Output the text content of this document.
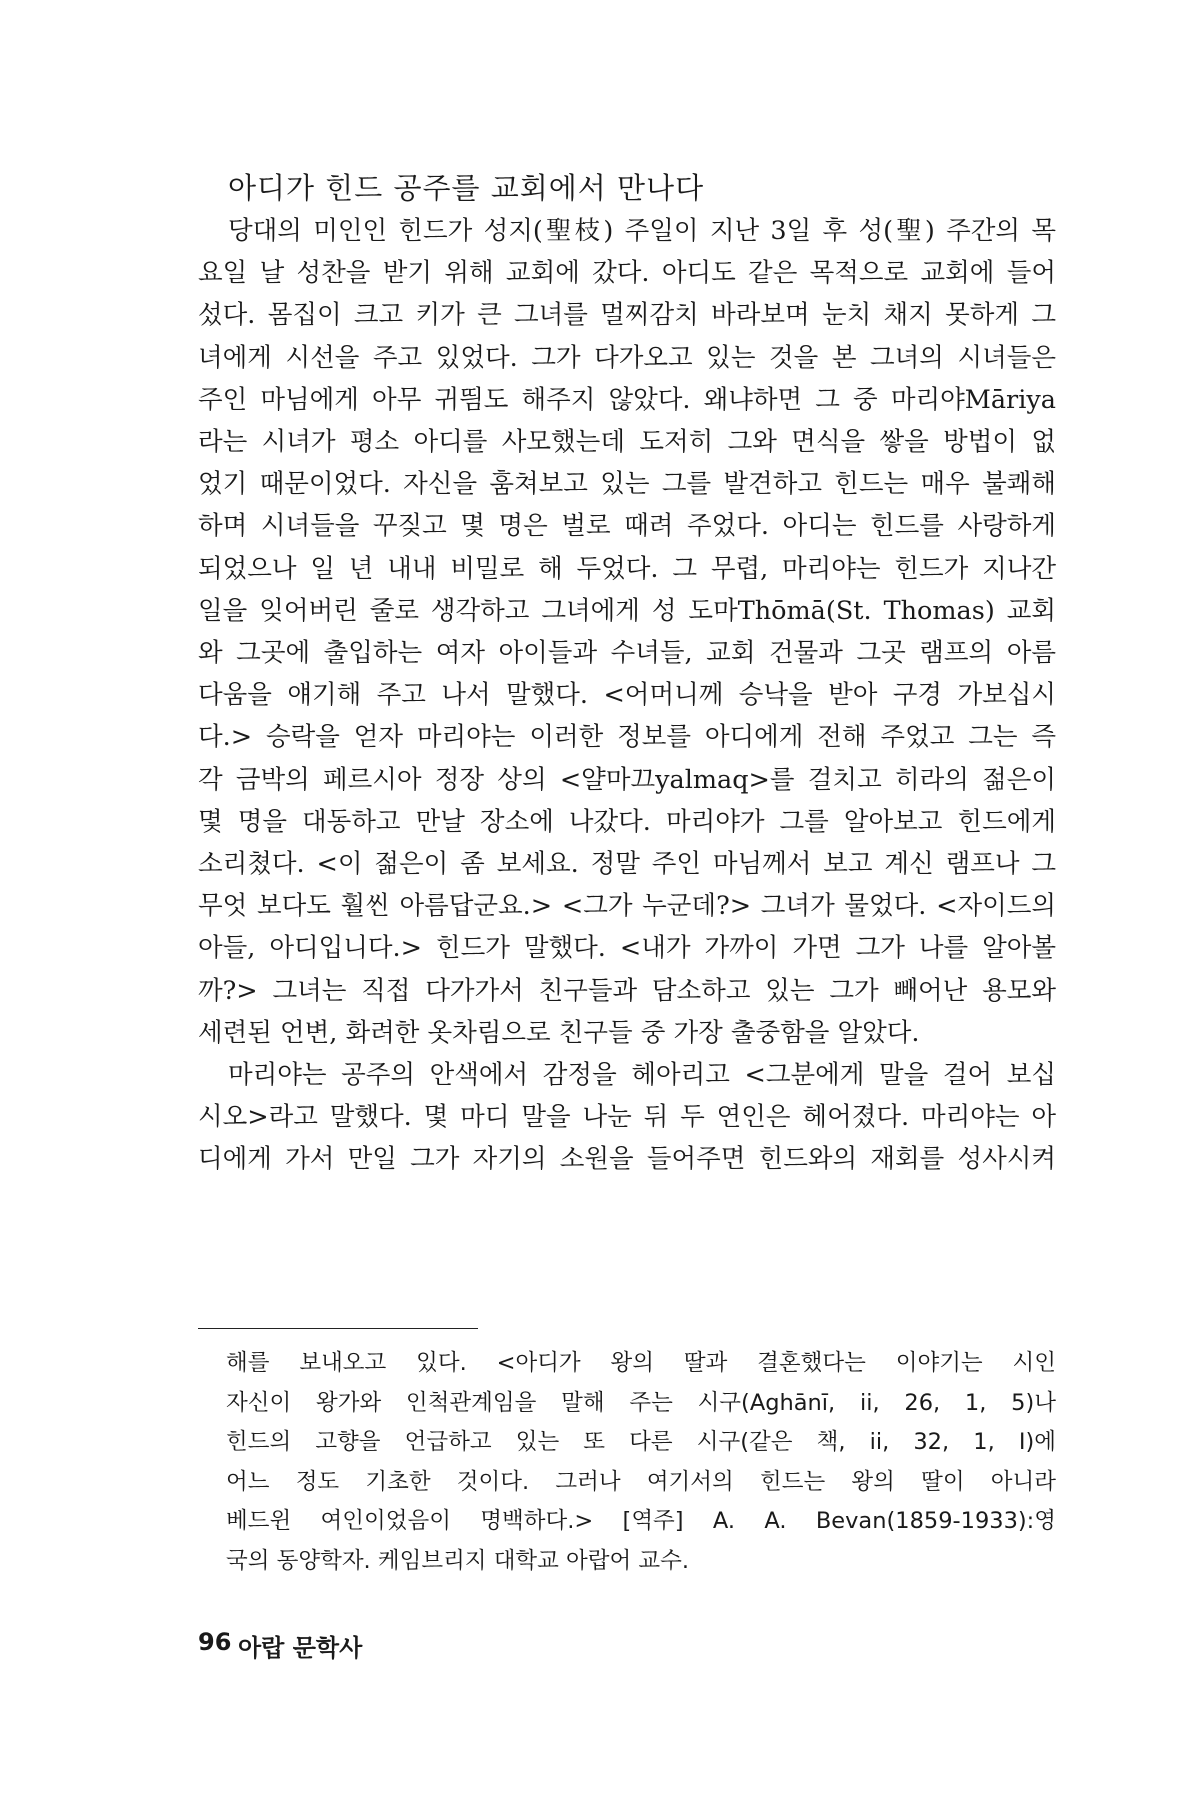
아디가 힌드 공주를 교회에서 만나다
당대의 미인인 힌드가 성지(聖枝) 주일이 지난 3일 후 성(聖) 주간의 목
요일 날 성찬을 받기 위해 교회에 갔다. 아디도 같은 목적으로 교회에 들어
섰다. 몸집이 크고 키가 큰 그녀를 멀찌감치 바라보며 눈치 채지 못하게 그
녀에게 시선을 주고 있었다. 그가 다가오고 있는 것을 본 그녀의 시녀들은
주인 마님에게 아무 귀띔도 해주지 않았다. 왜냐하면 그 중 마리야Māriya
라는 시녀가 평소 아디를 사모했는데 도저히 그와 면식을 쌓을 방법이 없
었기 때문이었다. 자신을 훔쳐보고 있는 그를 발견하고 힌드는 매우 불쾌해
하며 시녀들을 꾸짖고 몇 명은 벌로 때려 주었다. 아디는 힌드를 사랑하게
되었으나 일 년 내내 비밀로 해 두었다. 그 무렵, 마리야는 힌드가 지나간
일을 잊어버린 줄로 생각하고 그녀에게 성 도마Thōmā(St. Thomas) 교회
와 그곳에 출입하는 여자 아이들과 수녀들, 교회 건물과 그곳 램프의 아름
다움을 얘기해 주고 나서 말했다. <어머니께 승낙을 받아 구경 가보십시
다.> 승락을 얻자 마리야는 이러한 정보를 아디에게 전해 주었고 그는 즉
각 금박의 페르시아 정장 상의 <얄마끄yalmaq>를 걸치고 히라의 젊은이
몇 명을 대동하고 만날 장소에 나갔다. 마리야가 그를 알아보고 힌드에게
소리쳤다. <이 젊은이 좀 보세요. 정말 주인 마님께서 보고 계신 램프나 그
무엇 보다도 훨씬 아름답군요.> <그가 누군데?> 그녀가 물었다. <자이드의
아들, 아디입니다.> 힌드가 말했다. <내가 가까이 가면 그가 나를 알아볼
까?> 그녀는 직접 다가가서 친구들과 담소하고 있는 그가 빼어난 용모와
세련된 언변, 화려한 옷차림으로 친구들 중 가장 출중함을 알았다.
마리야는 공주의 안색에서 감정을 헤아리고 <그분에게 말을 걸어 보십
시오>라고 말했다. 몇 마디 말을 나눈 뒤 두 연인은 헤어졌다. 마리야는 아
디에게 가서 만일 그가 자기의 소원을 들어주면 힌드와의 재회를 성사시켜
해를 보내오고 있다. <아디가 왕의 딸과 결혼했다는 이야기는 시인
자신이 왕가와 인척관계임을 말해 주는 시구(Aghānī, ii, 26, 1, 5)나
힌드의 고향을 언급하고 있는 또 다른 시구(같은 책, ii, 32, 1, I)에
어느 정도 기초한 것이다. 그러나 여기서의 힌드는 왕의 딸이 아니라
베드윈 여인이었음이 명백하다.> [역주] A. A. Bevan(1859-1933):영
국의 동양학자. 케임브리지 대학교 아랍어 교수.
96 아랍 문학사
